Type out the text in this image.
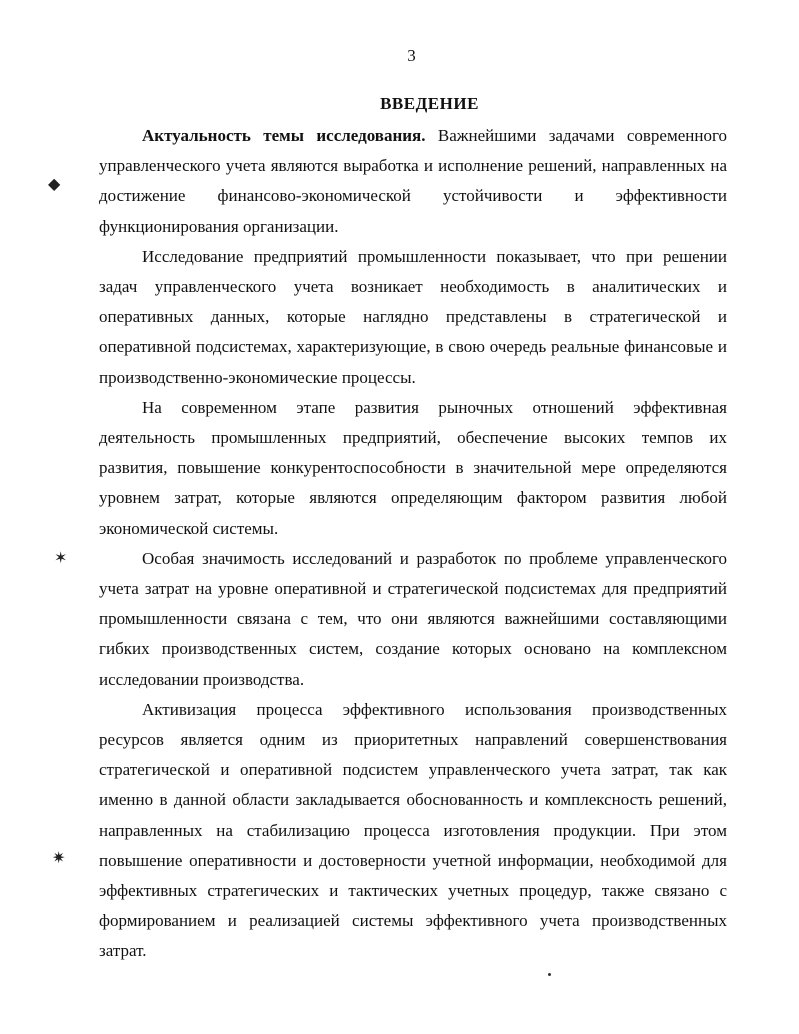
3
ВВЕДЕНИЕ

Актуальность темы исследования. Важнейшими задачами современного управленческого учета являются выработка и исполнение решений, направленных на достижение финансово-экономической устойчивости и эффективности функционирования организации.

Исследование предприятий промышленности показывает, что при решении задач управленческого учета возникает необходимость в аналитических и оперативных данных, которые наглядно представлены в стратегической и оперативной подсистемах, характеризующие, в свою очередь реальные финансовые и производственно-экономические процессы.

На современном этапе развития рыночных отношений эффективная деятельность промышленных предприятий, обеспечение высоких темпов их развития, повышение конкурентоспособности в значительной мере определяются уровнем затрат, которые являются определяющим фактором развития любой экономической системы.

Особая значимость исследований и разработок по проблеме управленческого учета затрат на уровне оперативной и стратегической подсистемах для предприятий промышленности связана с тем, что они являются важнейшими составляющими гибких производственных систем, создание которых основано на комплексном исследовании производства.

Активизация процесса эффективного использования производственных ресурсов является одним из приоритетных направлений совершенствования стратегической и оперативной подсистем управленческого учета затрат, так как именно в данной области закладывается обоснованность и комплексность решений, направленных на стабилизацию процесса изготовления продукции. При этом повышение оперативности и достоверности учетной информации, необходимой для эффективных стратегических и тактических учетных процедур, также связано с формированием и реализацией системы эффективного учета производственных затрат.

◆
✶
✷
